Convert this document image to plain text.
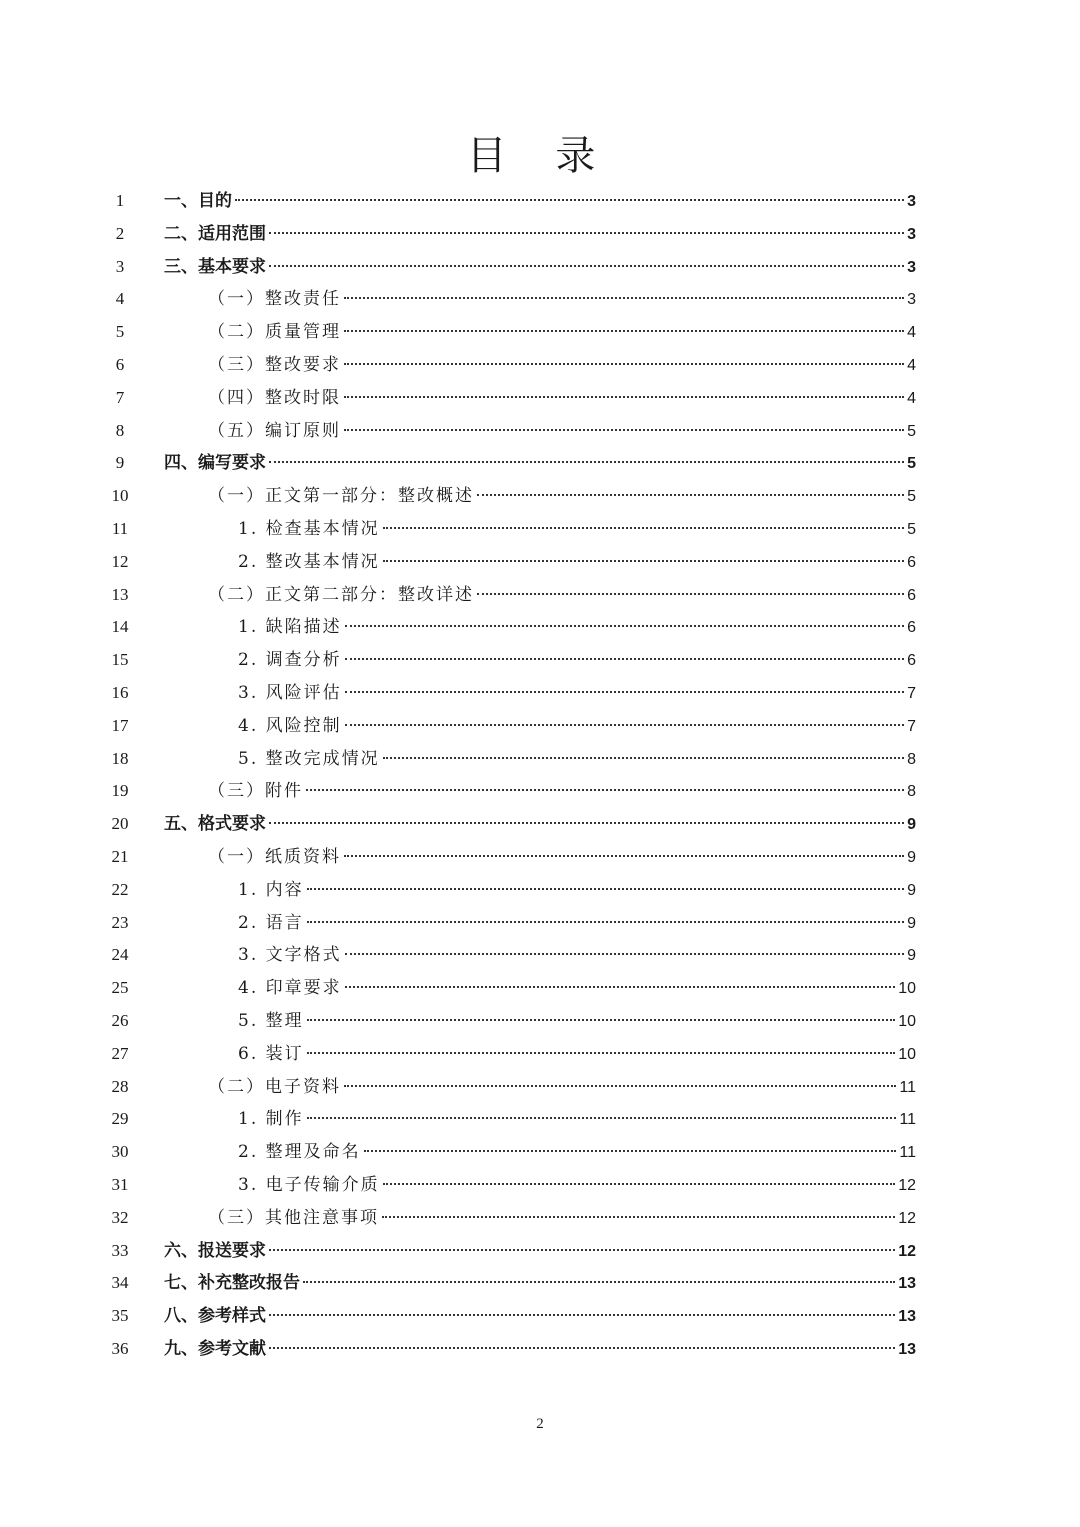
目 录
1	一、目的	3
2	二、适用范围	3
3	三、基本要求	3
4	（一）整改责任	3
5	（二）质量管理	4
6	（三）整改要求	4
7	（四）整改时限	4
8	（五）编订原则	5
9	四、编写要求	5
10	（一）正文第一部分：整改概述	5
11	1. 检查基本情况	5
12	2. 整改基本情况	6
13	（二）正文第二部分：整改详述	6
14	1. 缺陷描述	6
15	2. 调查分析	6
16	3. 风险评估	7
17	4. 风险控制	7
18	5. 整改完成情况	8
19	（三）附件	8
20	五、格式要求	9
21	（一）纸质资料	9
22	1. 内容	9
23	2. 语言	9
24	3. 文字格式	9
25	4. 印章要求	10
26	5. 整理	10
27	6. 装订	10
28	（二）电子资料	11
29	1. 制作	11
30	2. 整理及命名	11
31	3. 电子传输介质	12
32	（三）其他注意事项	12
33	六、报送要求	12
34	七、补充整改报告	13
35	八、参考样式	13
36	九、参考文献	13
2
